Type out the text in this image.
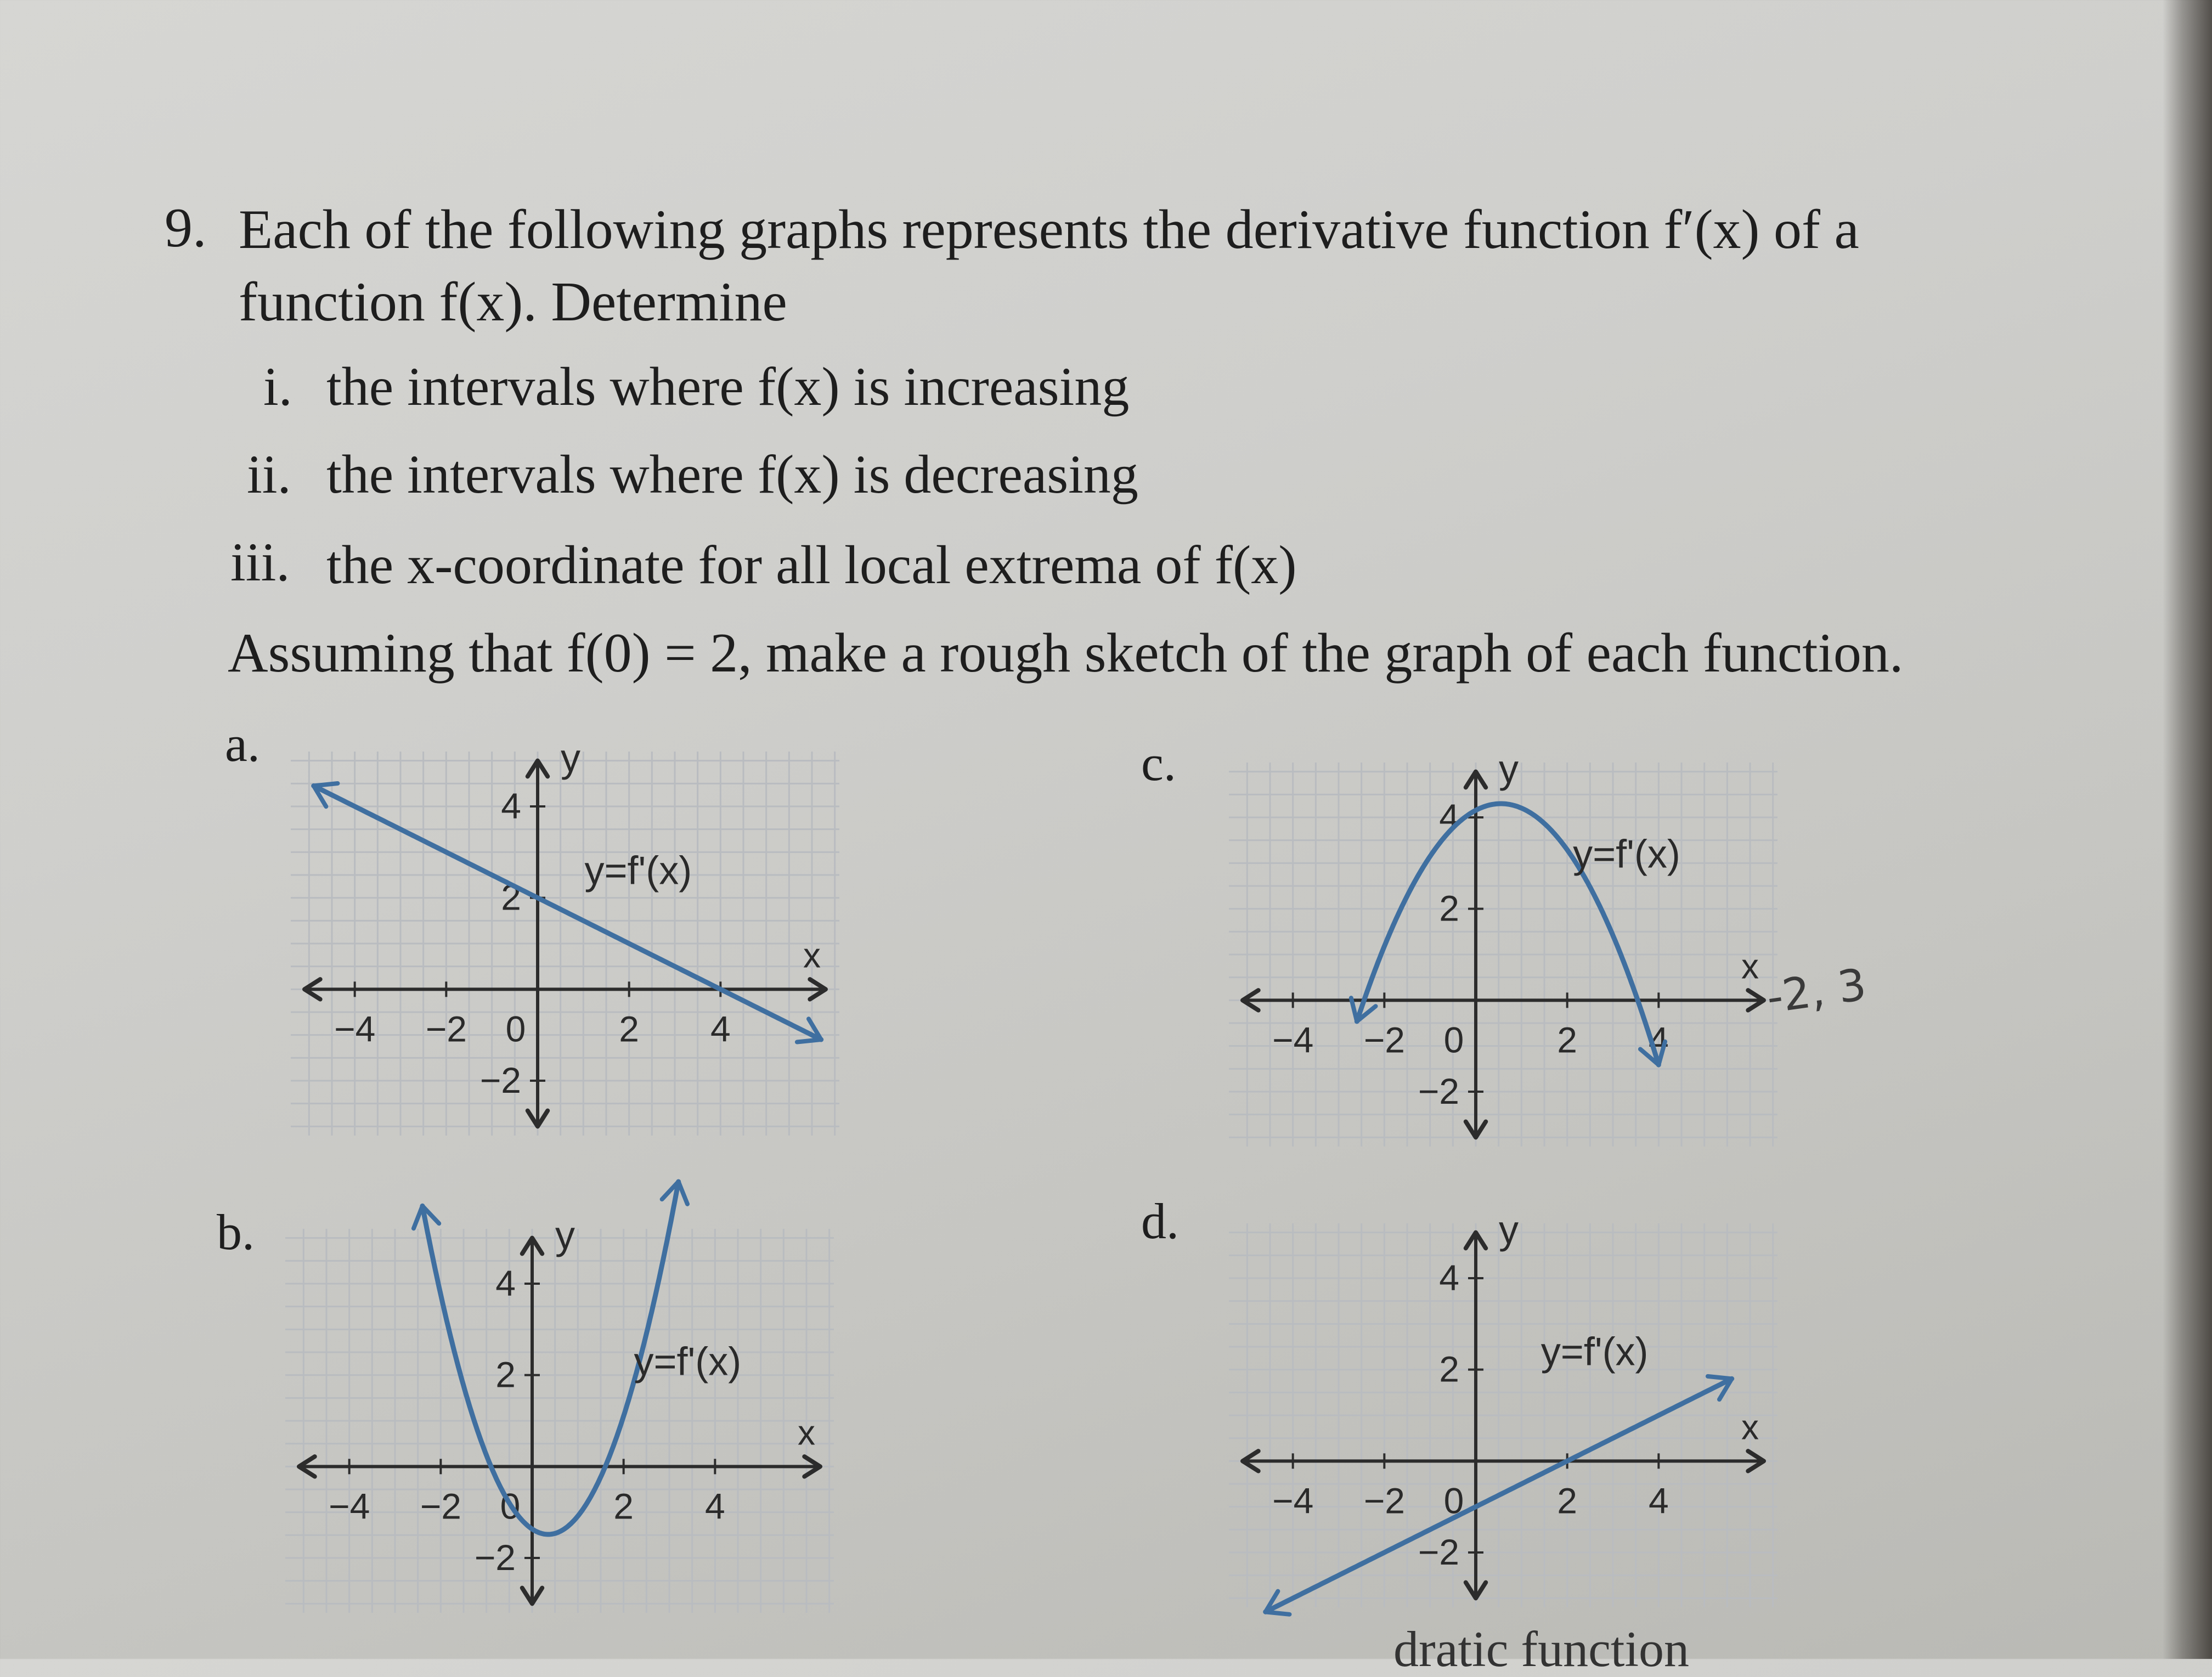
9. Each of the following graphs represents the derivative function f′(x) of a
function f(x). Determine
i. the intervals where f(x) is increasing
ii. the intervals where f(x) is decreasing
iii. the x-coordinate for all local extrema of f(x)
Assuming that f(0) = 2, make a rough sketch of the graph of each function.
a.	c.
b.	d.
x
y
−4 −2 0	2 4
4
2
−2
y=f'(x)
x
y
−4 −2 0	2 4
4
2
−2
y=f'(x)
x
y
−4 −2 0	2 4
4
2
−2
y=f'(x)
x
y
−4 −2 0	2 4
4
2
−2
y=f'(x)
-2, 3
dratic function
